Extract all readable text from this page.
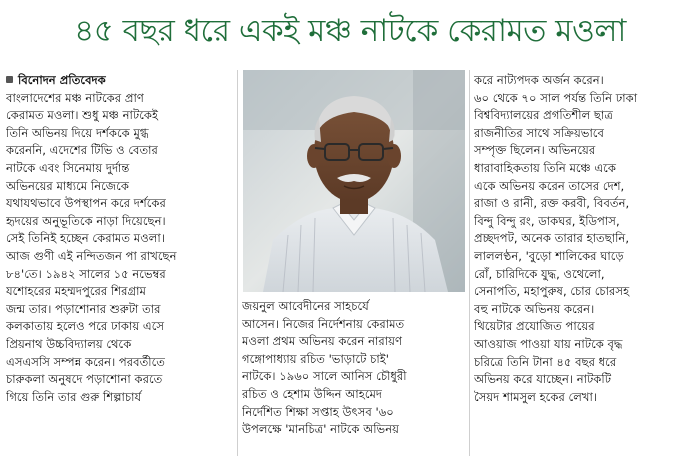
৪৫ বছর ধরে একই মঞ্চ নাটকে কেরামত মওলা
বিনোদন প্রতিবেদক
বাংলাদেশের মঞ্চ নাটকের প্রাণ
কেরামত মওলা। শুধু মঞ্চ নাটকেই
তিনি অভিনয় দিয়ে দর্শককে মুগ্ধ
করেননি, এদেশের টিভি ও বেতার
নাটকে এবং সিনেমায় দুর্দান্ত
অভিনয়ের মাধ্যমে নিজেকে
যথাযথভাবে উপস্থাপন করে দর্শকের
হৃদয়ের অনুভূতিকে নাড়া দিয়েছেন।
সেই তিনিই হচ্ছেন কেরামত মওলা।
আজ গুণী এই নন্দিতজন পা রাখছেন
৮৪'তে। ১৯৪২ সালের ১৫ নভেম্বর
যশোহরের মহম্মদপুরের শিরগ্রাম
জন্ম তার। পড়াশোনার শুরুটা তার
কলকাতায় হলেও পরে ঢাকায় এসে
প্রিয়নাথ উচ্চবিদ্যালয় থেকে
এসএসসি সম্পন্ন করেন। পরবর্তীতে
চারুকলা অনুষদে পড়াশোনা করতে
গিয়ে তিনি তার গুরু শিল্পাচার্য
জয়নুল আবেদীনের সাহচর্যে
আসেন। নিজের নির্দেশনায় কেরামত
মওলা প্রথম অভিনয় করেন নারায়ণ
গঙ্গোপাধ্যায় রচিত 'ভাড়াটে চাই'
নাটকে। ১৯৬০ সালে আনিস চৌধুরী
রচিত ও হেশাম উদ্দিন আহমেদ
নির্দেশিত শিক্ষা সপ্তাহ উৎসব '৬০
উপলক্ষে 'মানচিত্র' নাটকে অভিনয়
করে নাট্যপদক অর্জন করেন।
৬০ থেকে ৭০ সাল পর্যন্ত তিনি ঢাকা
বিশ্ববিদ্যালয়ের প্রগতিশীল ছাত্র
রাজনীতির সাথে সক্রিয়ভাবে
সম্পৃক্ত ছিলেন। অভিনয়ের
ধারাবাহিকতায় তিনি মঞ্চে একে
একে অভিনয় করেন তাসের দেশ,
রাজা ও রানী, রক্ত করবী, বিবর্তন,
বিন্দু বিন্দু রং, ডাকঘর, ইডিপাস,
প্রচ্ছদপট, অনেক তারার হাতছানি,
লাললণ্ঠন, 'বুড়ো শালিকের ঘাড়ে
রোঁ, চারিদিকে যুদ্ধ, ওথেলো,
সেনাপতি, মহাপুরুষ, চোর চোরসহ
বহু নাটকে অভিনয় করেন।
থিয়েটার প্রযোজিত পায়ের
আওয়াজ পাওয়া যায় নাটকে বৃদ্ধ
চরিত্রে তিনি টানা ৪৫ বছর ধরে
অভিনয় করে যাচ্ছেন। নাটকটি
সৈয়দ শামসুল হকের লেখা।
